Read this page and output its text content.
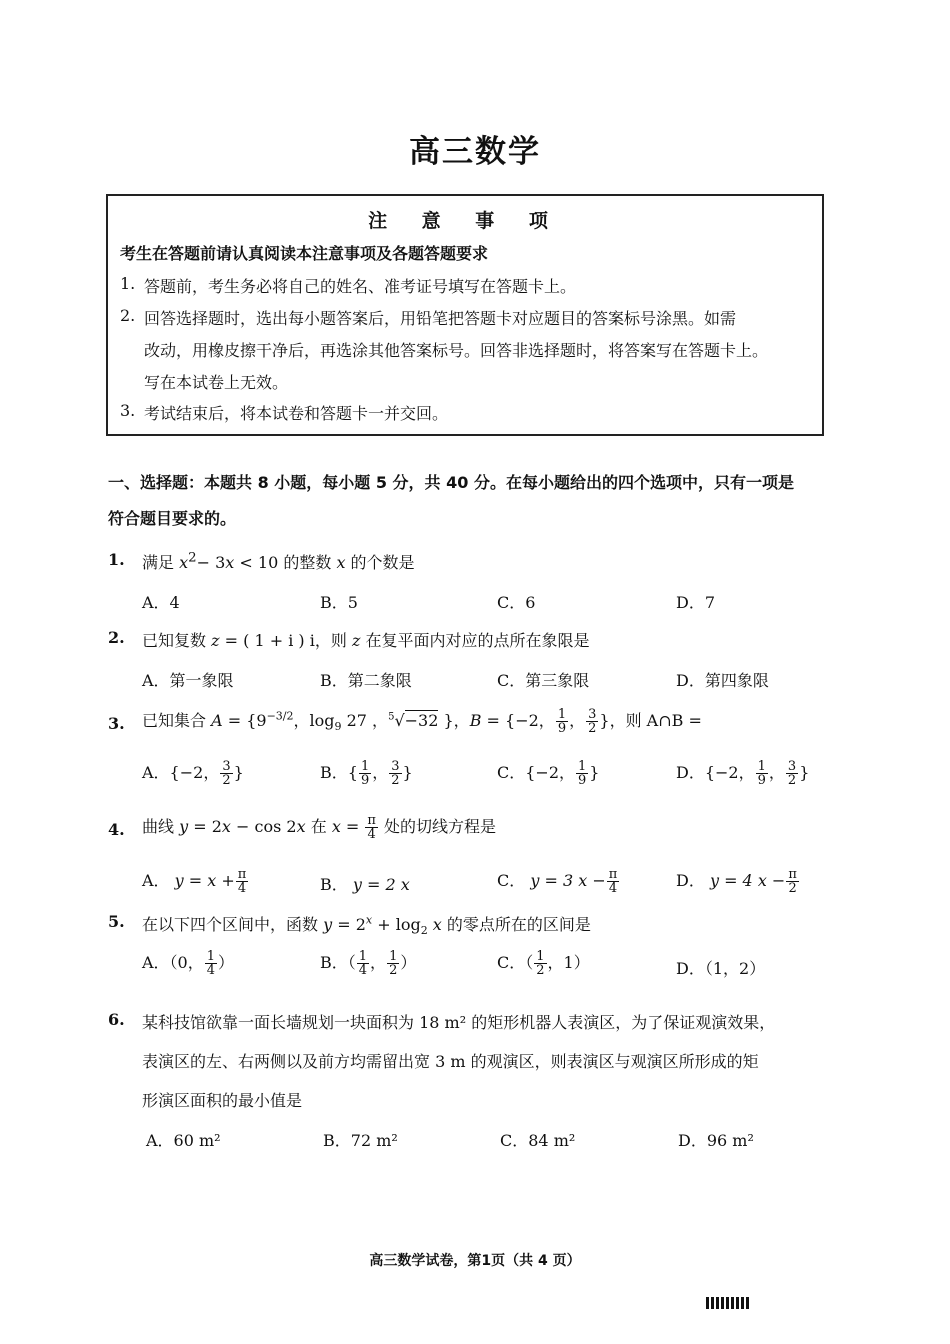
高三数学
注 意 事 项
考生在答题前请认真阅读本注意事项及各题答题要求
1. 答题前，考生务必将自己的姓名、准考证号填写在答题卡上。
2. 回答选择题时，选出每小题答案后，用铅笔把答题卡对应题目的答案标号涂黑。如需
改动，用橡皮擦干净后，再选涂其他答案标号。回答非选择题时，将答案写在答题卡上。
写在本试卷上无效。
3. 考试结束后，将本试卷和答题卡一并交回。
一、选择题：本题共 8 小题，每小题 5 分，共 40 分。在每小题给出的四个选项中，只有一项是
符合题目要求的。
1. 满足 $x^2- 3x < 10$ 的整数 x 的个数是
A．4	B．5	C．6	D．7
2. 已知复数 z = ( 1 + i ) i，则 z 在复平面内对应的点所在象限是
A．第一象限	B．第二象限	C．第三象限	D．第四象限
3. 已知集合 $A = \{9^{-3/2}$，$\log_9 27$ ，$^5$√−32 }，B = {−2， $\frac{1}{9}$ ， $\frac{3}{2}$ }，则 A∩B =
A．{−2， $\frac{3}{2}$ }	B．{ $\frac{1}{9}$ ， $\frac{3}{2}$ }	C．{−2， $\frac{1}{9}$ }	D．{−2， $\frac{1}{9}$ ， $\frac{3}{2}$ }
4. 曲线 y = 2x − cos 2x 在 $x = \frac{\pi}{4}$ 处的切线方程是
A． $y = x + \frac{\pi}{4}$	B． y = 2 x	C． y = 3 $x - \frac{\pi}{4}$	D． y = 4 $x - \frac{\pi}{2}$
5. 在以下四个区间中，函数 $y = 2^x + \log_2 x$ 的零点所在的区间是
A．（0， $\frac{1}{4}$ ）	B．（ $\frac{1}{4}$ ， $\frac{1}{2}$ ）	C．（ $\frac{1}{2}$ ，1）	D．（1，2）
6. 某科技馆欲靠一面长墙规划一块面积为 18 m² 的矩形机器人表演区，为了保证观演效果，
表演区的左、右两侧以及前方均需留出宽 3 m 的观演区，则表演区与观演区所形成的矩
形演区面积的最小值是
A．60 m²	B．72 m²	C．84 m²	D．96 m²
高三数学试卷，第1页（共 4 页）
